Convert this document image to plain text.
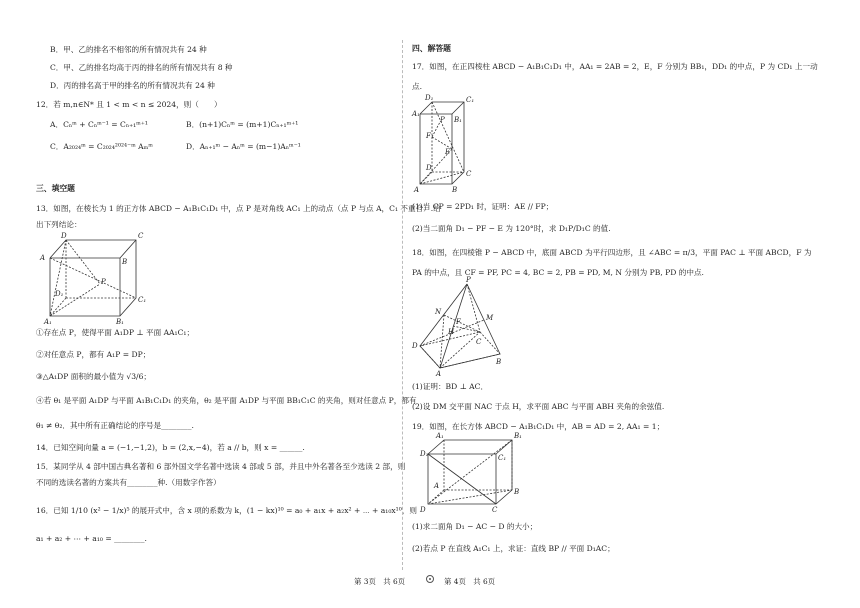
B．甲、乙的排名不相邻的所有情况共有 24 种
C．甲、乙的排名均高于丙的排名的所有情况共有 8 种
D．丙的排名高于甲的排名的所有情况共有 24 种
12．若 m,n∈N* 且 1 < m < n ≤ 2024，则（　　）
A．Cₙᵐ + Cₙᵐ⁻¹ = Cₙ₊₁ᵐ⁺¹	B．(n+1)Cₙᵐ = (m+1)Cₙ₊₁ᵐ⁺¹
C．A₂₀₂₄ᵐ = C₂₀₂₄²⁰²⁴⁻ᵐ Aₘᵐ	D．Aₙ₊₁ᵐ − Aₙᵐ = (m−1)Aₙᵐ⁻¹
三、填空题
13．如图，在棱长为 1 的正方体 ABCD − A₁B₁C₁D₁ 中，点 P 是对角线 AC₁ 上的动点（点 P 与点 A，C₁ 不重合）.给
出下列结论：
D	C
A	B
P
D₁
C₁
A₁	B₁
①存在点 P，使得平面 A₁DP ⊥ 平面 AA₁C₁；
②对任意点 P，都有 A₁P = DP；
③△A₁DP 面积的最小值为 √3/6；
④若 θ₁ 是平面 A₁DP 与平面 A₁B₁C₁D₁ 的夹角，θ₂ 是平面 A₁DP 与平面 BB₁C₁C 的夹角，则对任意点 P，都有
θ₁ ≠ θ₂．其中所有正确结论的序号是________.
14．已知空间向量 a = (−1,−1,2)，b = (2,x,−4)，若 a // b，则 x = ______.
15．某同学从 4 部中国古典名著和 6 部外国文学名著中选读 4 部或 5 部，并且中外名著各至少选读 2 部，则
不同的选读名著的方案共有________种.（用数字作答）
16．已知 1/10 (x² − 1/x)⁵ 的展开式中，含 x 项的系数为 k，(1 − kx)¹⁰ = a₀ + a₁x + a₂x² + ⋯ + a₁₀x¹⁰，则
a₁ + a₂ + ⋯ + a₁₀ = ________.
四、解答题
17．如图，在正四棱柱 ABCD − A₁B₁C₁D₁ 中，AA₁ = 2AB = 2，E，F 分别为 BB₁，DD₁ 的中点，P 为 CD₁ 上一动
点.
D₁	C₁
A₁
B₁
F
P
E
D
C
A	B
(1)当 CP = 2PD₁ 时，证明：AE // FP；
(2)当二面角 D₁ − PF − E 为 120°时，求 D₁P/D₁C 的值.
18．如图，在四棱锥 P − ABCD 中，底面 ABCD 为平行四边形，且 ∠ABC = π/3，平面 PAC ⊥ 平面 ABCD，F 为
PA 的中点，且 CF = PF, PC = 4, BC = 2, PB = PD, M, N 分别为 PB, PD 的中点.
P
N
F	M
H
D	C
A
B
(1)证明：BD ⊥ AC．
(2)设 DM 交平面 NAC 于点 H，求平面 ABC 与平面 ABH 夹角的余弦值.
19．如图，在长方体 ABCD − A₁B₁C₁D₁ 中，AB = AD = 2, AA₁ = 1；
A₁	B₁
D₁	C₁
A
B
D	C
(1)求二面角 D₁ − AC − D 的大小；
(2)若点 P 在直线 A₁C₁ 上，求证：直线 BP // 平面 D₁AC；
第 3页　共 6页	第 4页　共 6页
